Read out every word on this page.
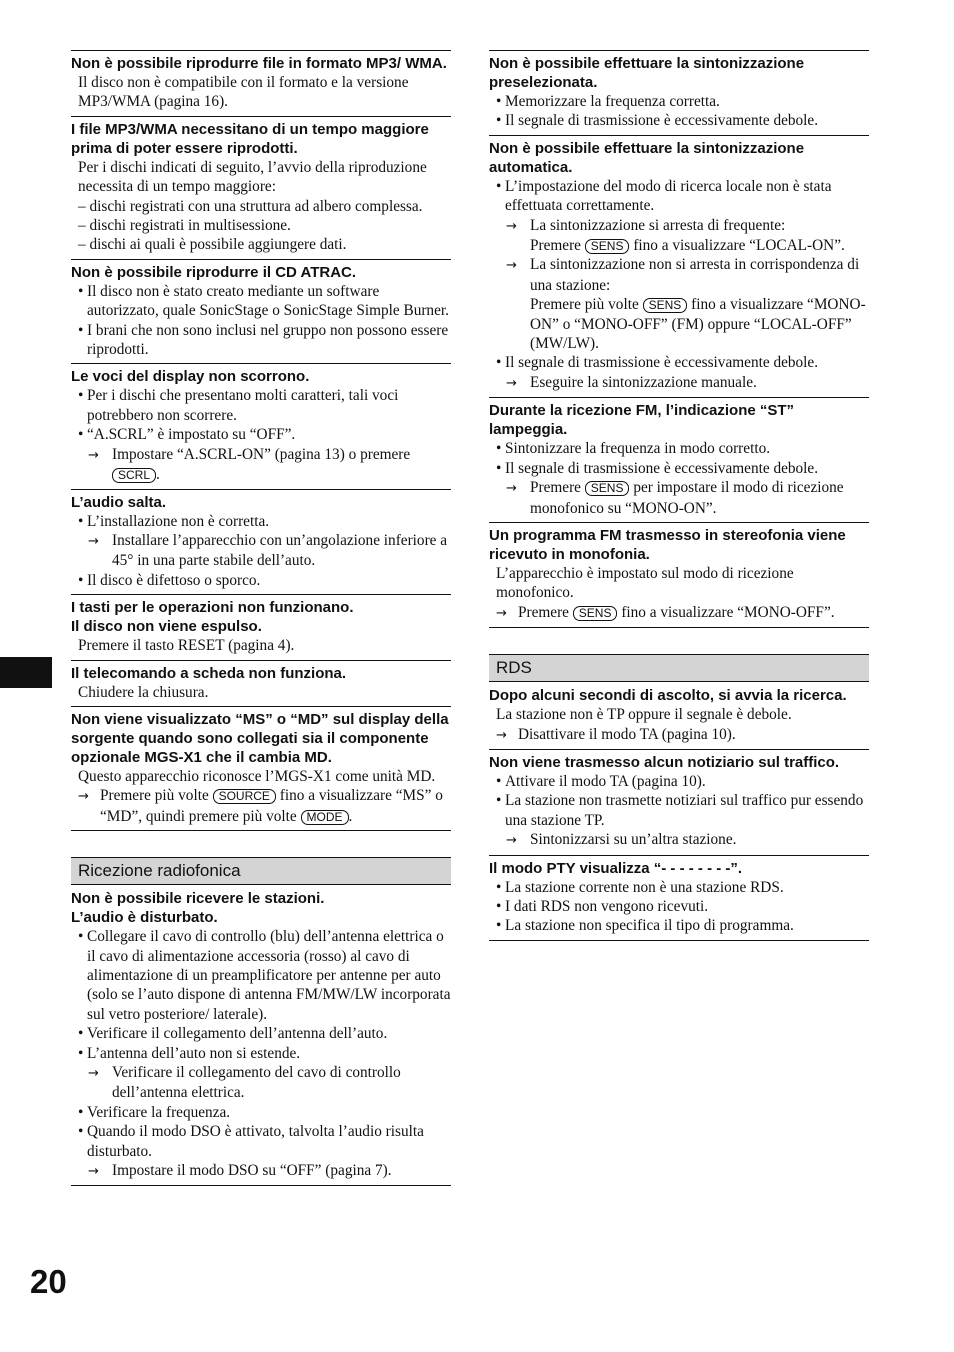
20

Non è possibile riprodurre file in formato MP3/ WMA.

Il disco non è compatibile con il formato e la versione MP3/WMA (pagina 16).

I file MP3/WMA necessitano di un tempo maggiore prima di poter essere riprodotti.

Per i dischi indicati di seguito, l’avvio della riproduzione necessita di un tempo maggiore:

– dischi registrati con una struttura ad albero complessa.

– dischi registrati in multisessione.

– dischi ai quali è possibile aggiungere dati.

Non è possibile riprodurre il CD ATRAC.

• Il disco non è stato creato mediante un software autorizzato, quale SonicStage o SonicStage Simple Burner.

• I brani che non sono inclusi nel gruppo non possono essere riprodotti.

Le voci del display non scorrono.

• Per i dischi che presentano molti caratteri, tali voci potrebbero non scorrere.

• “A.SCRL” è impostato su “OFF”.

→ Impostare “A.SCRL-ON” (pagina 13) o premere SCRL .

L’audio salta.

• L’installazione non è corretta.

→ Installare l’apparecchio con un’angolazione inferiore a 45° in una parte stabile dell’auto.

• Il disco è difettoso o sporco.

I tasti per le operazioni non funzionano.

Il disco non viene espulso.

Premere il tasto RESET (pagina 4).

Il telecomando a scheda non funziona.

Chiudere la chiusura.

Non viene visualizzato “MS” o “MD” sul display della sorgente quando sono collegati sia il componente opzionale MGS-X1 che il cambia MD.

Questo apparecchio riconosce l’MGS-X1 come unità MD.

→ Premere più volte SOURCE fino a visualizzare “MS” o “MD”, quindi premere più volte MODE .

Ricezione radiofonica

Non è possibile ricevere le stazioni.

L’audio è disturbato.

• Collegare il cavo di controllo (blu) dell’antenna elettrica o il cavo di alimentazione accessoria (rosso) al cavo di alimentazione di un preamplificatore per antenne per auto (solo se l’auto dispone di antenna FM/MW/LW incorporata sul vetro posteriore/ laterale).

• Verificare il collegamento dell’antenna dell’auto.

• L’antenna dell’auto non si estende.

→ Verificare il collegamento del cavo di controllo dell’antenna elettrica.

• Verificare la frequenza.

• Quando il modo DSO è attivato, talvolta l’audio risulta disturbato.

→ Impostare il modo DSO su “OFF” (pagina 7).

Non è possibile effettuare la sintonizzazione preselezionata.

• Memorizzare la frequenza corretta.

• Il segnale di trasmissione è eccessivamente debole.

Non è possibile effettuare la sintonizzazione automatica.

• L’impostazione del modo di ricerca locale non è stata effettuata correttamente.

→ La sintonizzazione si arresta di frequente:

Premere SENS fino a visualizzare “LOCAL-ON”.

→ La sintonizzazione non si arresta in corrispondenza di una stazione:

Premere più volte SENS fino a visualizzare “MONO-ON” o “MONO-OFF” (FM) oppure “LOCAL-OFF” (MW/LW).

• Il segnale di trasmissione è eccessivamente debole.

→ Eseguire la sintonizzazione manuale.

Durante la ricezione FM, l’indicazione “ST” lampeggia.

• Sintonizzare la frequenza in modo corretto.

• Il segnale di trasmissione è eccessivamente debole.

→ Premere SENS per impostare il modo di ricezione monofonico su “MONO-ON”.

Un programma FM trasmesso in stereofonia viene ricevuto in monofonia.

L’apparecchio è impostato sul modo di ricezione monofonico.

→ Premere SENS fino a visualizzare “MONO-OFF”.

RDS

Dopo alcuni secondi di ascolto, si avvia la ricerca.

La stazione non è TP oppure il segnale è debole.

→ Disattivare il modo TA (pagina 10).

Non viene trasmesso alcun notiziario sul traffico.

• Attivare il modo TA (pagina 10).

• La stazione non trasmette notiziari sul traffico pur essendo una stazione TP.

→ Sintonizzarsi su un’altra stazione.

Il modo PTY visualizza “- - - - - - - -”.

• La stazione corrente non è una stazione RDS.

• I dati RDS non vengono ricevuti.

• La stazione non specifica il tipo di programma.
